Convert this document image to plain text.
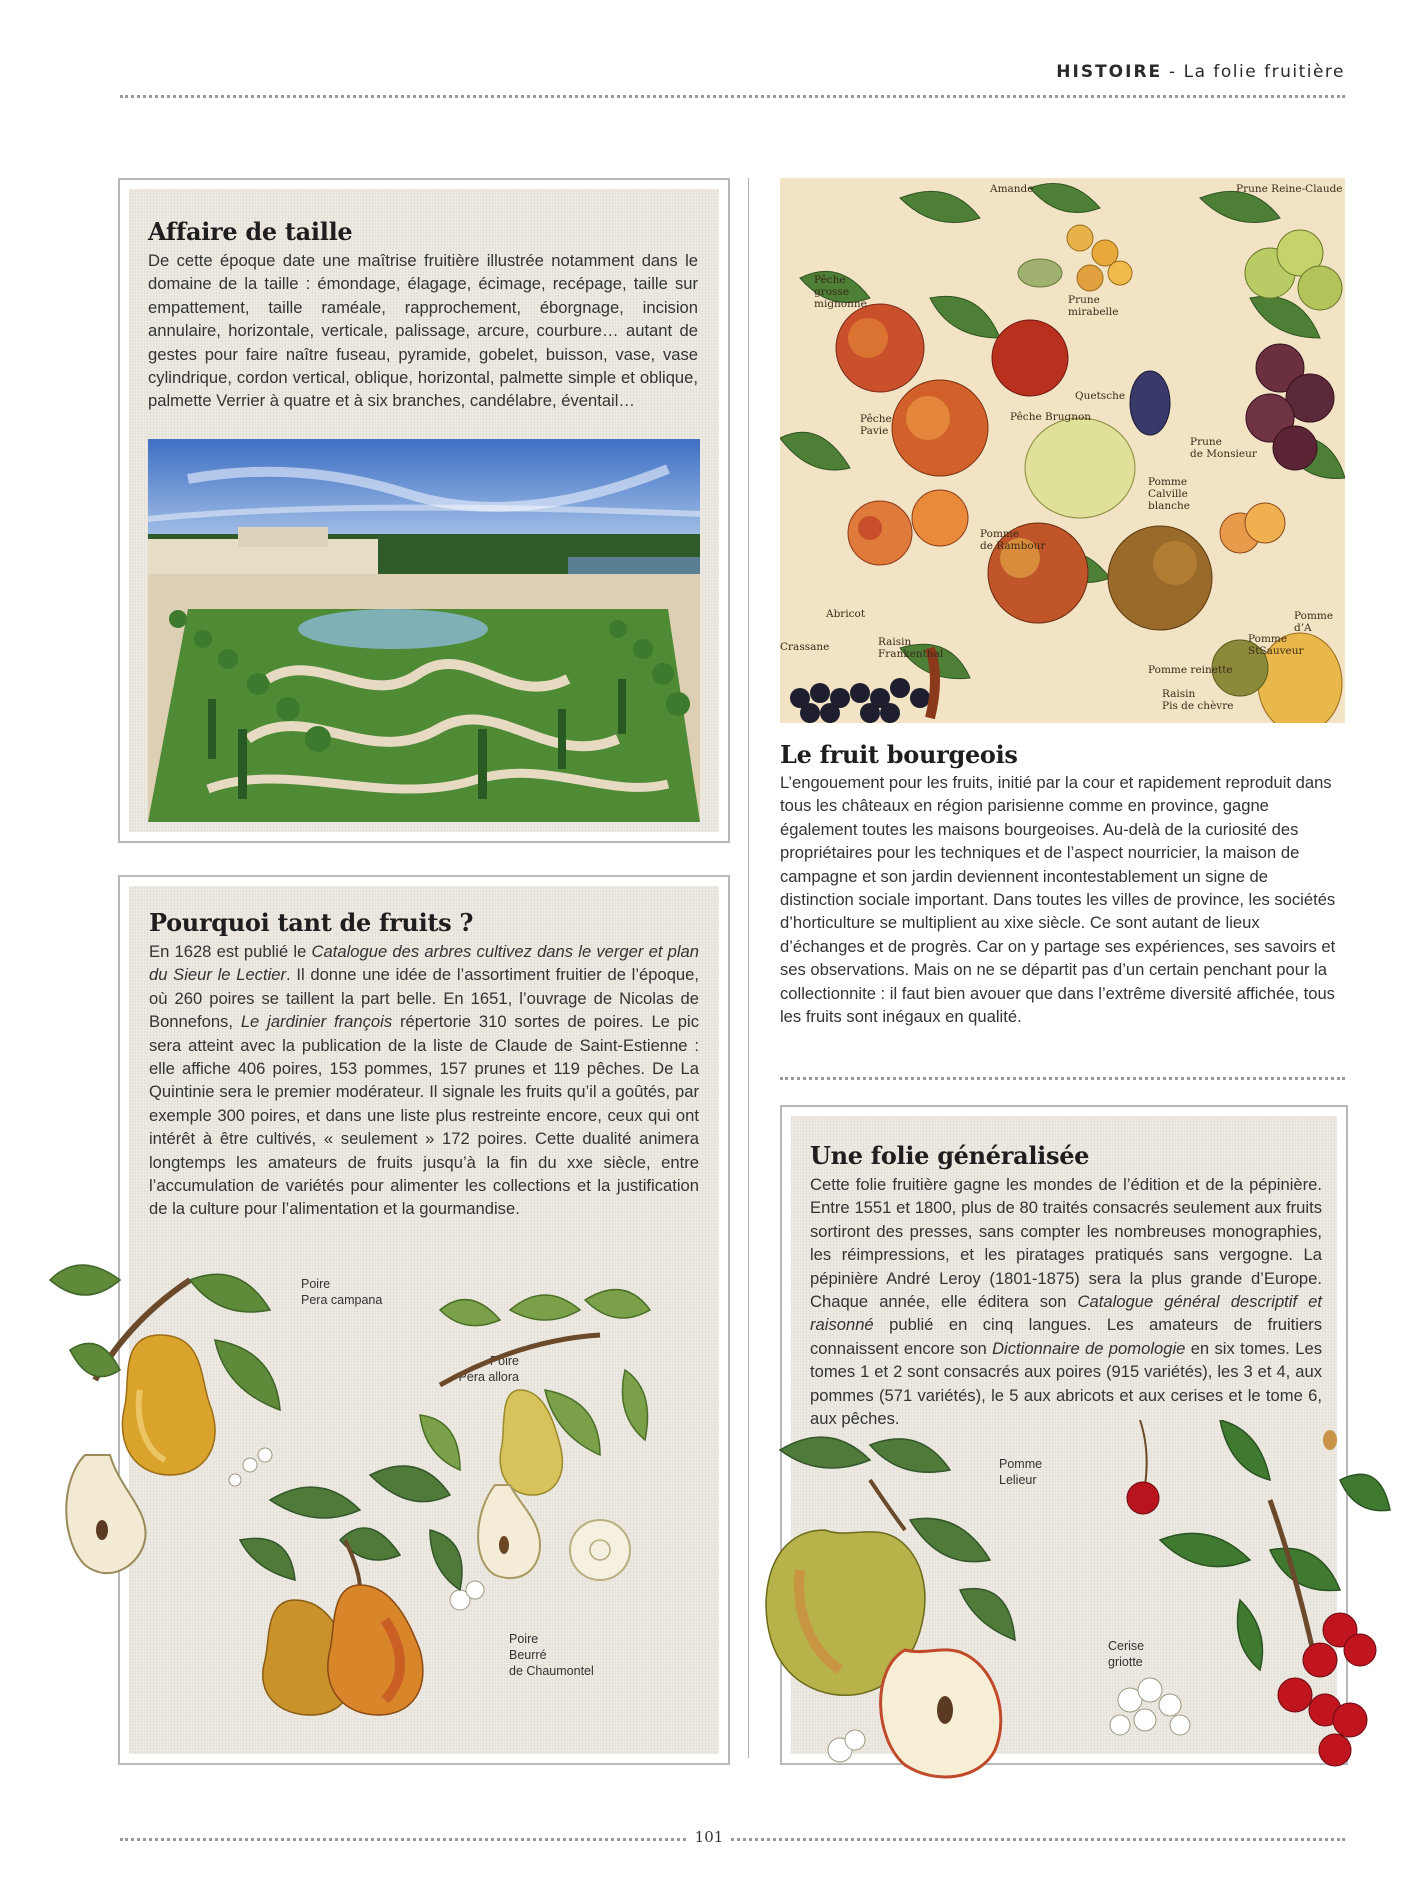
HISTOIRE - La folie fruitière
Affaire de taille
De cette époque date une maîtrise fruitière illustrée notamment dans le domaine de la taille : émondage, élagage, écimage, recépage, taille sur empattement, taille raméale, rapprochement, éborgnage, incision annulaire, horizontale, verticale, palissage, arcure, courbure… autant de gestes pour faire naître fuseau, pyramide, gobelet, buisson, vase, vase cylindrique, cordon vertical, oblique, horizontal, palmette simple et oblique, palmette Verrier à quatre et à six branches, candélabre, éventail…
Pourquoi tant de fruits ?
En 1628 est publié le Catalogue des arbres cultivez dans le verger et plan du Sieur le Lectier. Il donne une idée de l’assortiment fruitier de l’époque, où 260 poires se taillent la part belle. En 1651, l’ouvrage de Nicolas de Bonnefons, Le jardinier françois répertorie 310 sortes de poires. Le pic sera atteint avec la publication de la liste de Claude de Saint-Estienne : elle affiche 406 poires, 153 pommes, 157 prunes et 119 pêches. De La Quintinie sera le premier modérateur. Il signale les fruits qu’il a goûtés, par exemple 300 poires, et dans une liste plus restreinte encore, ceux qui ont intérêt à être cultivés, « seulement » 172 poires. Cette dualité animera longtemps les amateurs de fruits jusqu’à la fin du xxe siècle, entre l’accumulation de variétés pour alimenter les collections et la justification de la culture pour l’alimentation et la gourmandise.
Poire
Pera campana
Poire
Pera allora
Poire
Beurré
de Chaumontel
Amande	Prune Reine-Claude
Pêche
grosse
mignonne	Prune
mirabelle
Quetsche
Pêche
Pavie
Pêche Brugnon
Prune
de Monsieur
Pomme
Calville
blanche
Pomme
de Rambour
Abricot
Crassane	Raisin
Frankenthal
Pomme
StSauveur
Pomme d’A
Pomme reinette
Raisin
Pis de chèvre
Le fruit bourgeois
L’engouement pour les fruits, initié par la cour et rapidement reproduit dans tous les châteaux en région parisienne comme en province, gagne également toutes les maisons bourgeoises. Au-delà de la curiosité des propriétaires pour les techniques et de l’aspect nourricier, la maison de campagne et son jardin deviennent incontestablement un signe de distinction sociale important. Dans toutes les villes de province, les sociétés d’horticulture se multiplient au xixe siècle. Ce sont autant de lieux d’échanges et de progrès. Car on y partage ses expériences, ses savoirs et ses observations. Mais on ne se départit pas d’un certain penchant pour la collectionnite : il faut bien avouer que dans l’extrême diversité affichée, tous les fruits sont inégaux en qualité.
Une folie généralisée
Cette folie fruitière gagne les mondes de l’édition et de la pépinière. Entre 1551 et 1800, plus de 80 traités consacrés seulement aux fruits sortiront des presses, sans compter les nombreuses monographies, les réimpressions, et les piratages pratiqués sans vergogne. La pépinière André Leroy (1801-1875) sera la plus grande d’Europe. Chaque année, elle éditera son Catalogue général descriptif et raisonné publié en cinq langues. Les amateurs de fruitiers connaissent encore son Dictionnaire de pomologie en six tomes. Les tomes 1 et 2 sont consacrés aux poires (915 variétés), les 3 et 4, aux pommes (571 variétés), le 5 aux abricots et aux cerises et le tome 6, aux pêches.
Pomme
Lelieur
Cerise
griotte
101
